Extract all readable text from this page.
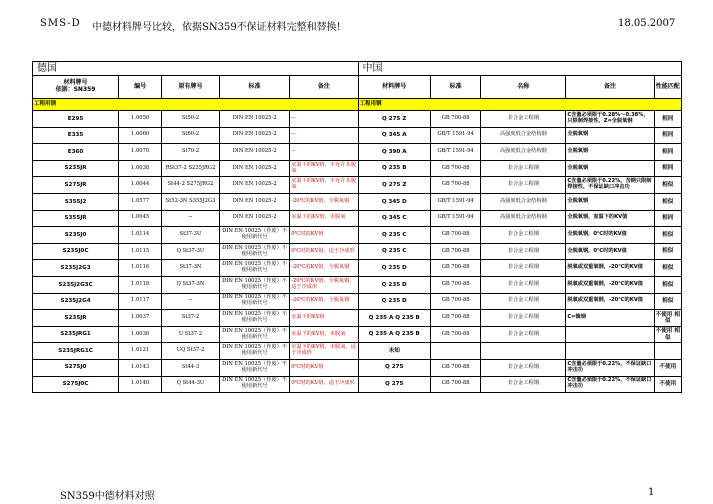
SMS-D 中德材料牌号比较，依据SN359不保证材料完整和替换!	18.05.2007
德国					中国				
材料牌号
依据：SN359	编号	原有牌号	标准	备注	材料牌号	标准	名称	备注	性能匹配
工程用钢					工程用钢				
E295	1.0050	St50-2	DIN EN 10025-2	−	Q 275 Z	GB 700-88	非合金工程钢	C含量必须限于0.28%～0.38%，只限制焊接性，Z=全脱氧钢	相同
E335	1.0060	St60-2	DIN EN 10025-2	−	Q 345 A	GB/T 1591-94	高强度低合金结构钢	全脱氧钢	相同
E360	1.0070	St70-2	DIN EN 10025-2	−	Q 390 A	GB/T 1591-94	高强度低合金结构钢	全脱氧钢	相同
S235JR	1.0038	RSt37-2 S235JRG2	DIN EN 10025-2	室温下的KV值，不允许未脱氧	Q 235 B	GB 700-88	非合金工程钢	全脱氧钢	相同
S275JR	1.0044	St44-2 S275JRG2	DIN EN 10025-2	室温下的KV值，不允许未脱氧	Q 275 Z	GB 700-88	非合金工程钢	C含量必须限于0.22%，含钢只限制焊接性，不保证缺口冲击功	相似
S355J2	1.0577	St52-3N S355J2G3	DIN EN 10025-2	-20℃的KV值，全脱氧钢	Q 345 D	GB/T 1591-94	高强度低合金结构钢	全脱氧钢	相似
S355JR	1.0045	−	DIN EN 10025-2	室温下的KV值，未脱氧	Q 345 C	GB/T 1591-94	高强度低合金结构钢	全脱氧钢，室温下的KV值	相同
S235J0	1.0114	St37-3U	DIN EN 10025（作废）不使用新代号	0℃时的KV值	Q 235 C	GB 700-88	非合金工程钢	全脱氧钢，0℃时的KV值	相似
S235J0C	1.0115	Q St37-3U	DIN EN 10025（作废）不使用新代号	0℃时的KV值，适于冷成形	Q 235 C	GB 700-88	非合金工程钢	全脱氧钢，0℃时的KV值	相似
S235J2G3	1.0116	St37-3N	DIN EN 10025（作废）不使用新代号	-20℃的KV值，全脱氧钢	Q 235 D	GB 700-88	非合金工程钢	脱氧或双重氧钢，-20℃的KV值	相似
S235J2G3C	1.0118	Q St37-3N	DIN EN 10025（作废）不使用新代号	-20℃的KV值，全脱氧钢，适于冷成形	Q 235 D	GB 700-88	非合金工程钢	脱氧或双重氧钢，-20℃的KV值	相似
S235J2G4	1.0117	−	DIN EN 10025（作废）不使用新代号	-20℃的KV值，全脱氧钢	Q 235 D	GB 700-88	非合金工程钢	脱氧或双重氧钢，-20℃的KV值	相似
S235JR	1.0037	St37-2	DIN EN 10025（作废）不使用新代号	室温下的KV值	Q 235 A Q 235 B	GB 700-88	非合金工程钢	C=镇钢	不使用 相似
S235JRG1	1.0036	U St37-2	DIN EN 10025（作废）不使用新代号	室温下的KV值，未脱氧	Q 235 A Q 235 B	GB 700-88	非合金工程钢		不使用 相似
S235JRG1C	1.0121	UQ St37-2	DIN EN 10025（作废）不使用新代号	室温下的KV值，未脱氧，适于冷成形	未知				
S275J0	1.0143	St44-3	DIN EN 10025（作废）不使用新代号	0℃时的KV值	Q 275	GB 700-88	非合金工程钢	C含量必须限于0.22%，不保证缺口冲击功	不使用
S275J0C	1.0140	Q St44-3U	DIN EN 10025（作废）不使用新代号	0℃时的KV值，适于冷成形	Q 275	GB 700-88	非合金工程钢	C含量必须限于0.22%，不保证缺口冲击功	不使用
SN359中德材料对照	1
